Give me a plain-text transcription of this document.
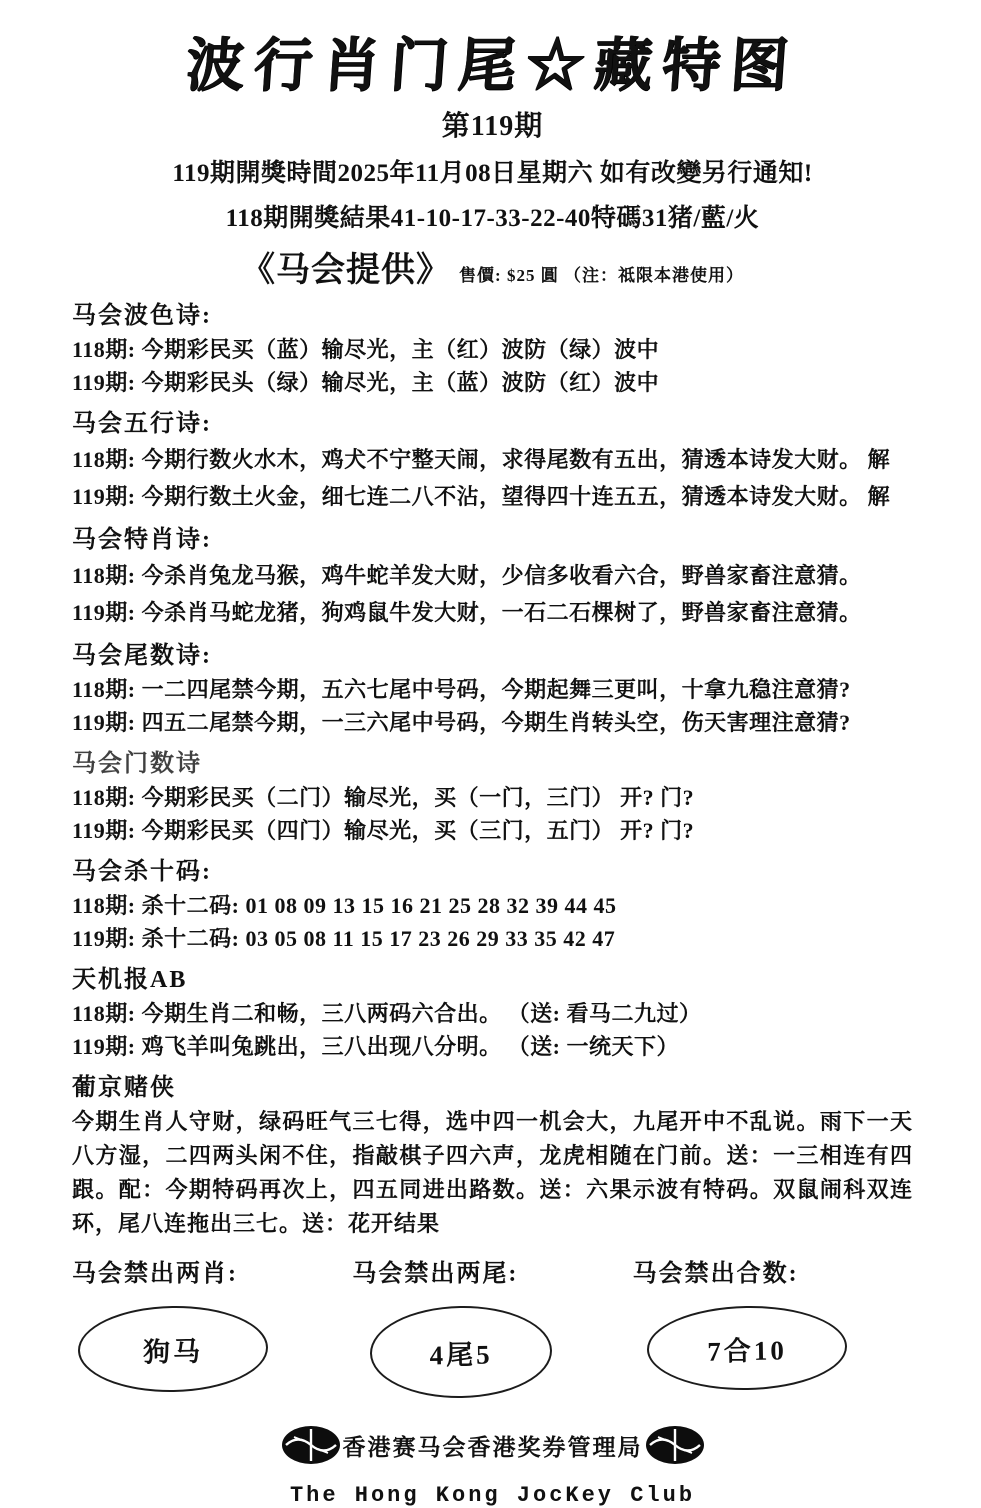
波行肖门尾☆藏特图
第119期
119期開獎時間2025年11月08日星期六 如有改變另行通知!
118期開獎結果41-10-17-33-22-40特碼31猪/藍/火
《马会提供》 售價: $25 圓 （注：祗限本港使用）
马会波色诗:
118期: 今期彩民买（蓝）输尽光，主（红）波防（绿）波中
119期: 今期彩民头（绿）输尽光，主（蓝）波防（红）波中
马会五行诗:
118期: 今期行数火水木，鸡犬不宁整天闹，求得尾数有五出，猜透本诗发大财。 解
119期: 今期行数土火金，细七连二八不沾，望得四十连五五，猜透本诗发大财。 解
马会特肖诗:
118期: 今杀肖兔龙马猴，鸡牛蛇羊发大财，少信多收看六合，野兽家畜注意猜。
119期: 今杀肖马蛇龙猪，狗鸡鼠牛发大财，一石二石棵树了，野兽家畜注意猜。
马会尾数诗:
118期: 一二四尾禁今期，五六七尾中号码，今期起舞三更叫，十拿九稳注意猜?
119期: 四五二尾禁今期，一三六尾中号码，今期生肖转头空，伤天害理注意猜?
马会门数诗
118期: 今期彩民买（二门）输尽光，买（一门，三门） 开? 门?
119期: 今期彩民买（四门）输尽光，买（三门，五门） 开? 门?
马会杀十码:
118期: 杀十二码: 01 08 09 13 15 16 21 25 28 32 39 44 45
119期: 杀十二码: 03 05 08 11 15 17 23 26 29 33 35 42 47
天机报AB
118期: 今期生肖二和畅，三八两码六合出。 （送: 看马二九过）
119期: 鸡飞羊叫兔跳出，三八出现八分明。 （送: 一统天下）
葡京赌侠
今期生肖人守财，绿码旺气三七得，选中四一机会大，九尾开中不乱说。雨下一天八方湿，二四两头闲不住，指敲棋子四六声，龙虎相随在门前。送：一三相连有四跟。配：今期特码再次上，四五同进出路数。送：六果示波有特码。双鼠闹科双连环，尾八连拖出三七。送：花开结果
马会禁出两肖:
狗马
马会禁出两尾:
4尾5
马会禁出合数:
7合10
香港赛马会香港奖券管理局
The Hong Kong JocKey Club
